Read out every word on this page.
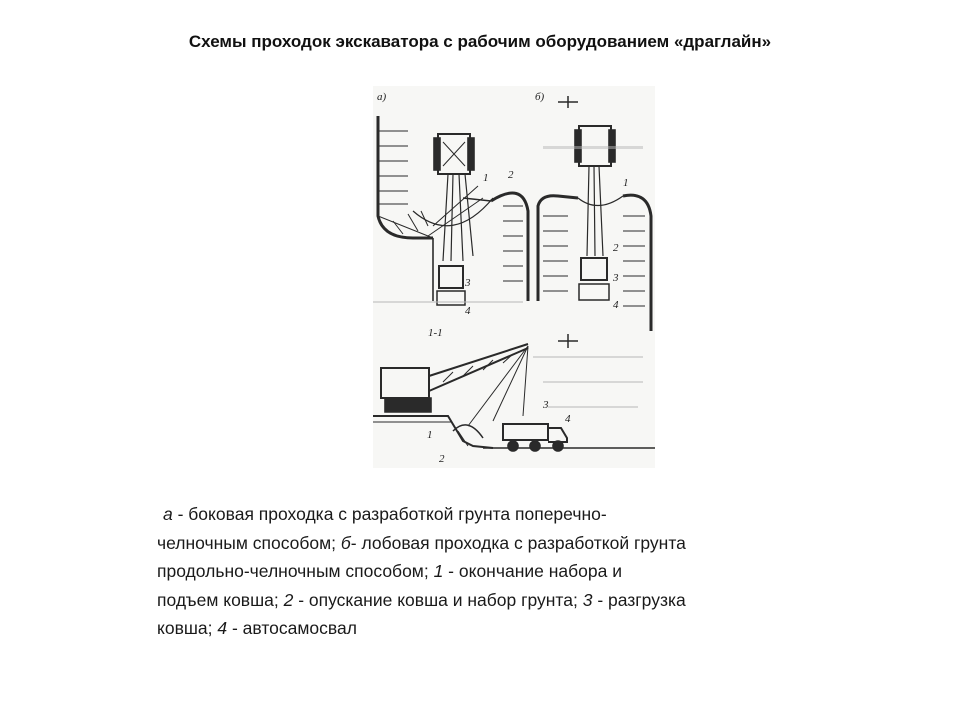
Схемы проходок экскаватора с рабочим оборудованием «драглайн»
а)	б)
1-1
1 2
3
4
1
2
3
4
1
2
3
4
а - боковая проходка с разработкой грунта поперечно-
челночным способом; б- лобовая проходка с разработкой грунта
продольно-челночным способом; 1 - окончание набора и
подъем ковша; 2 - опускание ковша и набор грунта; 3 - разгрузка
ковша; 4 - автосамосвал
